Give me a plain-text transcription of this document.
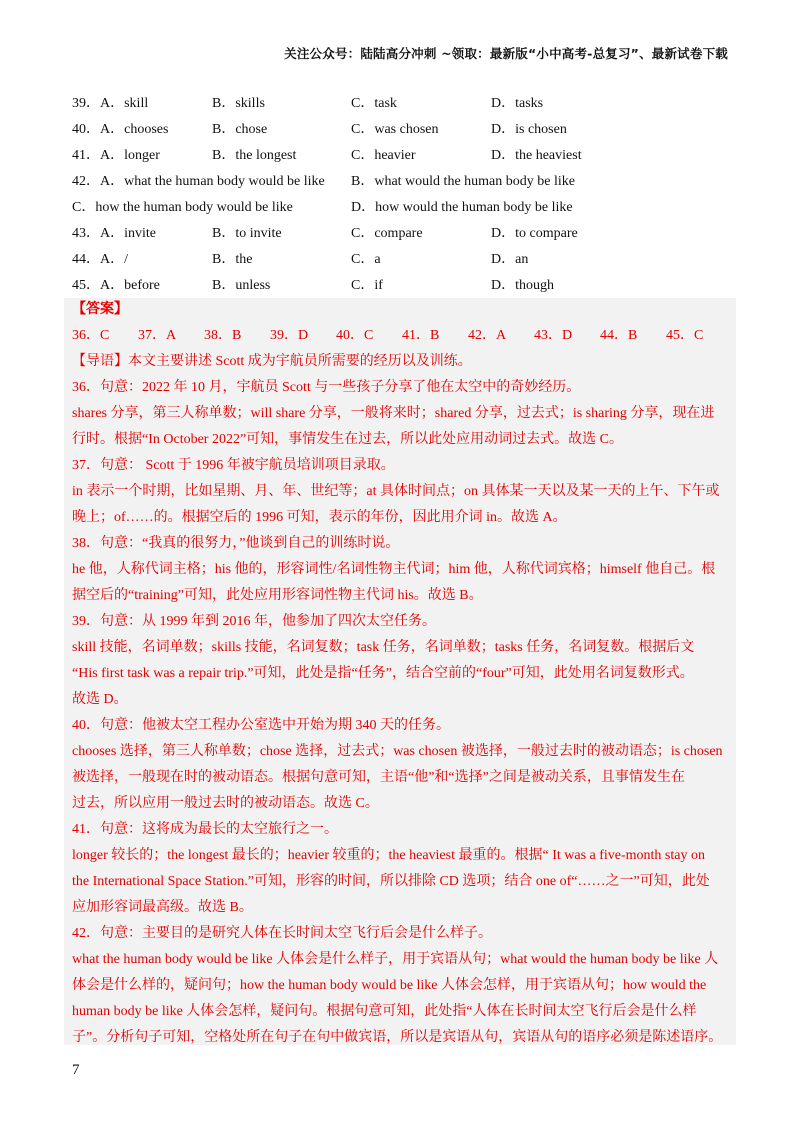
关注公众号：陆陆高分冲刺 ~领取：最新版“小中高考-总复习”、最新试卷下载
39．A．skill	B．skills	C．task	D．tasks
40．A．chooses	B．chose	C．was chosen	D．is chosen
41．A．longer	B．the longest	C．heavier	D．the heaviest
42．A．what the human body would be like B．what would the human body be like
C．how the human body would be like	D．how would the human body be like
43．A．invite	B．to invite	C．compare	D．to compare
44．A．/	B．the	C．a	D．an
45．A．before	B．unless	C．if	D．though
【答案】
36．C 37．A 38．B 39．D 40．C 41．B 42．A 43．D 44．B 45．C
【导语】本文主要讲述 Scott 成为宇航员所需要的经历以及训练。
36．句意：2022 年 10 月，宇航员 Scott 与一些孩子分享了他在太空中的奇妙经历。
shares 分享，第三人称单数；will share 分享，一般将来时；shared 分享，过去式；is sharing 分享，现在进
行时。根据“In October 2022”可知，事情发生在过去，所以此处应用动词过去式。故选 C。
37．句意： Scott 于 1996 年被宇航员培训项目录取。
in 表示一个时期，比如星期、月、年、世纪等；at 具体时间点；on 具体某一天以及某一天的上午、下午或
晚上；of……的。根据空后的 1996 可知，表示的年份，因此用介词 in。故选 A。
38．句意：“我真的很努力，”他谈到自己的训练时说。
he 他，人称代词主格；his 他的，形容词性/名词性物主代词；him 他，人称代词宾格；himself 他自己。根
据空后的“training”可知，此处应用形容词性物主代词 his。故选 B。
39．句意：从 1999 年到 2016 年，他参加了四次太空任务。
skill 技能，名词单数；skills 技能，名词复数；task 任务，名词单数；tasks 任务，名词复数。根据后文
“His first task was a repair trip.”可知，此处是指“任务”，结合空前的“four”可知，此处用名词复数形式。
故选 D。
40．句意：他被太空工程办公室选中开始为期 340 天的任务。
chooses 选择，第三人称单数；chose 选择，过去式；was chosen 被选择，一般过去时的被动语态；is chosen
被选择，一般现在时的被动语态。根据句意可知，主语“他”和“选择”之间是被动关系，且事情发生在
过去，所以应用一般过去时的被动语态。故选 C。
41．句意：这将成为最长的太空旅行之一。
longer 较长的；the longest 最长的；heavier 较重的；the heaviest 最重的。根据“ It was a five-month stay on
the International Space Station.”可知，形容的时间，所以排除 CD 选项；结合 one of“……之一”可知，此处
应加形容词最高级。故选 B。
42．句意：主要目的是研究人体在长时间太空飞行后会是什么样子。
what the human body would be like 人体会是什么样子，用于宾语从句；what would the human body be like 人
体会是什么样的，疑问句；how the human body would be like 人体会怎样，用于宾语从句；how would the
human body be like 人体会怎样，疑问句。根据句意可知，此处指“人体在长时间太空飞行后会是什么样
子”。分析句子可知，空格处所在句子在句中做宾语，所以是宾语从句，宾语从句的语序必须是陈述语序。
7
